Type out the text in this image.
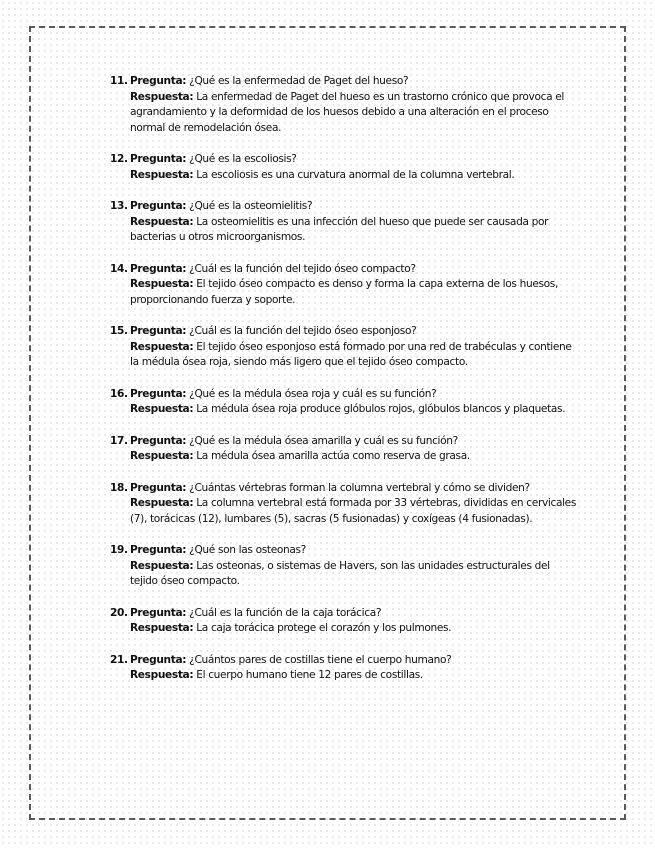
11. Pregunta: ¿Qué es la enfermedad de Paget del hueso?
Respuesta: La enfermedad de Paget del hueso es un trastorno crónico que provoca el agrandamiento y la deformidad de los huesos debido a una alteración en el proceso normal de remodelación ósea.
12. Pregunta: ¿Qué es la escoliosis?
Respuesta: La escoliosis es una curvatura anormal de la columna vertebral.
13. Pregunta: ¿Qué es la osteomielitis?
Respuesta: La osteomielitis es una infección del hueso que puede ser causada por bacterias u otros microorganismos.
14. Pregunta: ¿Cuál es la función del tejido óseo compacto?
Respuesta: El tejido óseo compacto es denso y forma la capa externa de los huesos, proporcionando fuerza y soporte.
15. Pregunta: ¿Cuál es la función del tejido óseo esponjoso?
Respuesta: El tejido óseo esponjoso está formado por una red de trabéculas y contiene la médula ósea roja, siendo más ligero que el tejido óseo compacto.
16. Pregunta: ¿Qué es la médula ósea roja y cuál es su función?
Respuesta: La médula ósea roja produce glóbulos rojos, glóbulos blancos y plaquetas.
17. Pregunta: ¿Qué es la médula ósea amarilla y cuál es su función?
Respuesta: La médula ósea amarilla actúa como reserva de grasa.
18. Pregunta: ¿Cuántas vértebras forman la columna vertebral y cómo se dividen?
Respuesta: La columna vertebral está formada por 33 vértebras, divididas en cervicales (7), torácicas (12), lumbares (5), sacras (5 fusionadas) y coxígeas (4 fusionadas).
19. Pregunta: ¿Qué son las osteonas?
Respuesta: Las osteonas, o sistemas de Havers, son las unidades estructurales del tejido óseo compacto.
20. Pregunta: ¿Cuál es la función de la caja torácica?
Respuesta: La caja torácica protege el corazón y los pulmones.
21. Pregunta: ¿Cuántos pares de costillas tiene el cuerpo humano?
Respuesta: El cuerpo humano tiene 12 pares de costillas.
